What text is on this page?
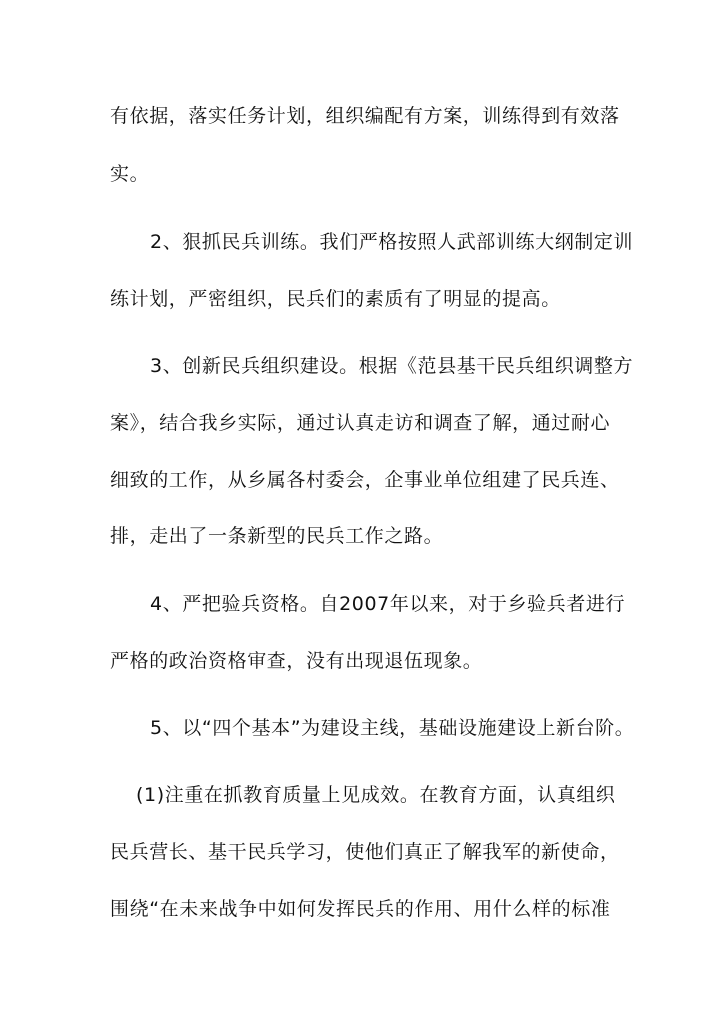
有依据，落实任务计划，组织编配有方案，训练得到有效落
实。
2、狠抓民兵训练。我们严格按照人武部训练大纲制定训
练计划，严密组织，民兵们的素质有了明显的提高。
3、创新民兵组织建设。根据《范县基干民兵组织调整方
案》，结合我乡实际，通过认真走访和调查了解，通过耐心
细致的工作，从乡属各村委会，企事业单位组建了民兵连、
排，走出了一条新型的民兵工作之路。
4、严把验兵资格。自2007年以来，对于乡验兵者进行
严格的政治资格审查，没有出现退伍现象。
5、以“四个基本”为建设主线，基础设施建设上新台阶。
(1)注重在抓教育质量上见成效。在教育方面，认真组织
民兵营长、基干民兵学习，使他们真正了解我军的新使命，
围绕“在未来战争中如何发挥民兵的作用、用什么样的标准
